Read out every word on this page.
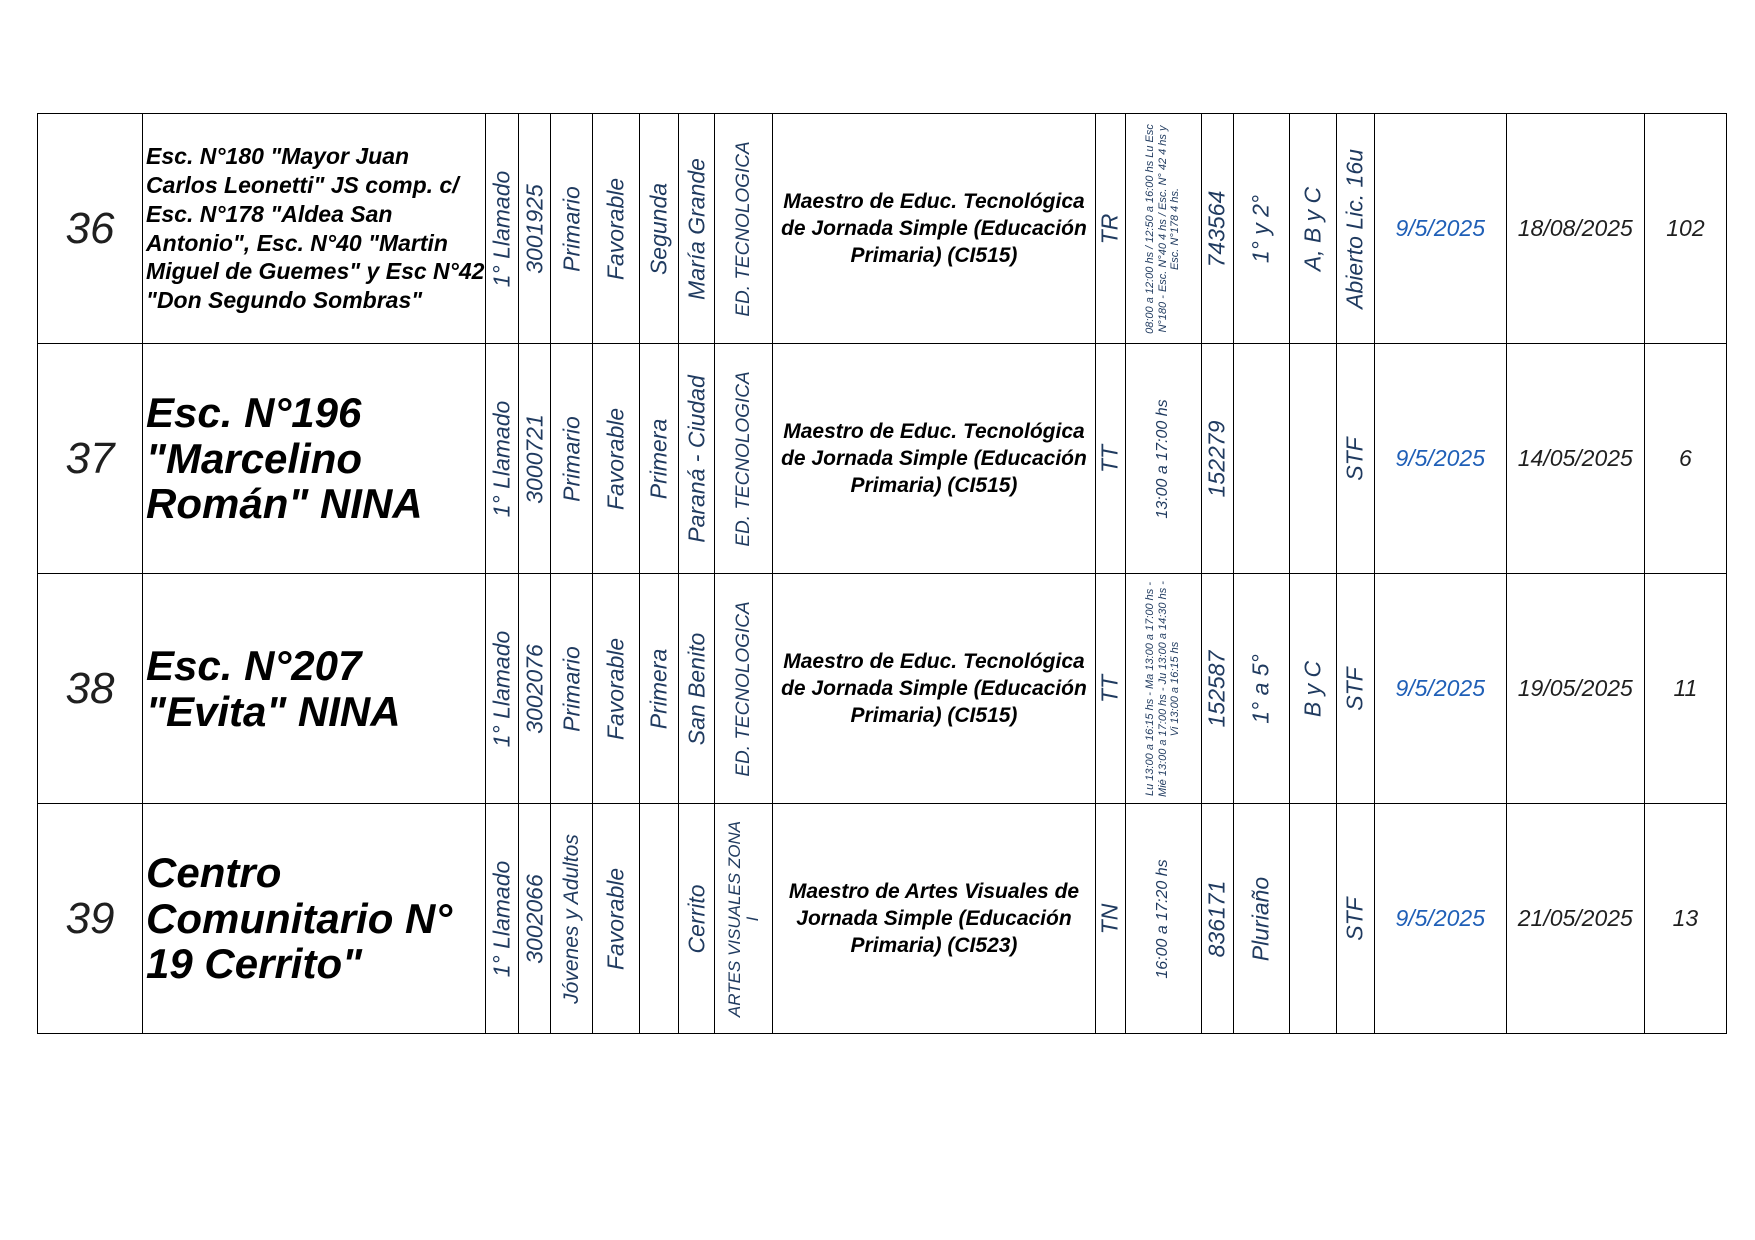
36	Esc. N°180 "Mayor Juan Carlos Leonetti" JS comp. c/ Esc. N°178 "Aldea San Antonio", Esc. N°40 "Martin Miguel de Guemes" y Esc N°42 "Don Segundo Sombras"	1° Llamado	3001925	Primario	Favorable	Segunda	María Grande	ED. TECNOLOGICA	Maestro de Educ. Tecnológica de Jornada Simple (Educación Primaria) (CI515)	TR	08:00 a 12:00 hs / 12:50 a 16:00 hs Lu Esc N°180 - Esc. N°40 4 hs / Esc. N° 42 4 hs y Esc. N°178 4 hs.	743564	1° y 2°	A, B y C	Abierto Lic. 16u	9/5/2025	18/08/2025	102
37	Esc. N°196 "Marcelino Román" NINA	1° Llamado	3000721	Primario	Favorable	Primera	Paraná - Ciudad	ED. TECNOLOGICA	Maestro de Educ. Tecnológica de Jornada Simple (Educación Primaria) (CI515)	TT	13:00 a 17:00 hs	152279			STF	9/5/2025	14/05/2025	6
38	Esc. N°207 "Evita" NINA	1° Llamado	3002076	Primario	Favorable	Primera	San Benito	ED. TECNOLOGICA	Maestro de Educ. Tecnológica de Jornada Simple (Educación Primaria) (CI515)	TT	Lu 13:00 a 16:15 hs - Ma 13:00 a 17:00 hs - Mié 13:00 a 17:00 hs - Ju 13:00 a 14:30 hs - Vi 13:00 a 16:15 hs	152587	1° a 5°	B y C	STF	9/5/2025	19/05/2025	11
39	Centro Comunitario N° 19 Cerrito"	1° Llamado	3002066	Jóvenes y Adultos	Favorable		Cerrito	ARTES VISUALES ZONA I	Maestro de Artes Visuales de Jornada Simple (Educación Primaria) (CI523)	TN	16:00 a 17:20 hs	836171	Pluriaño		STF	9/5/2025	21/05/2025	13
